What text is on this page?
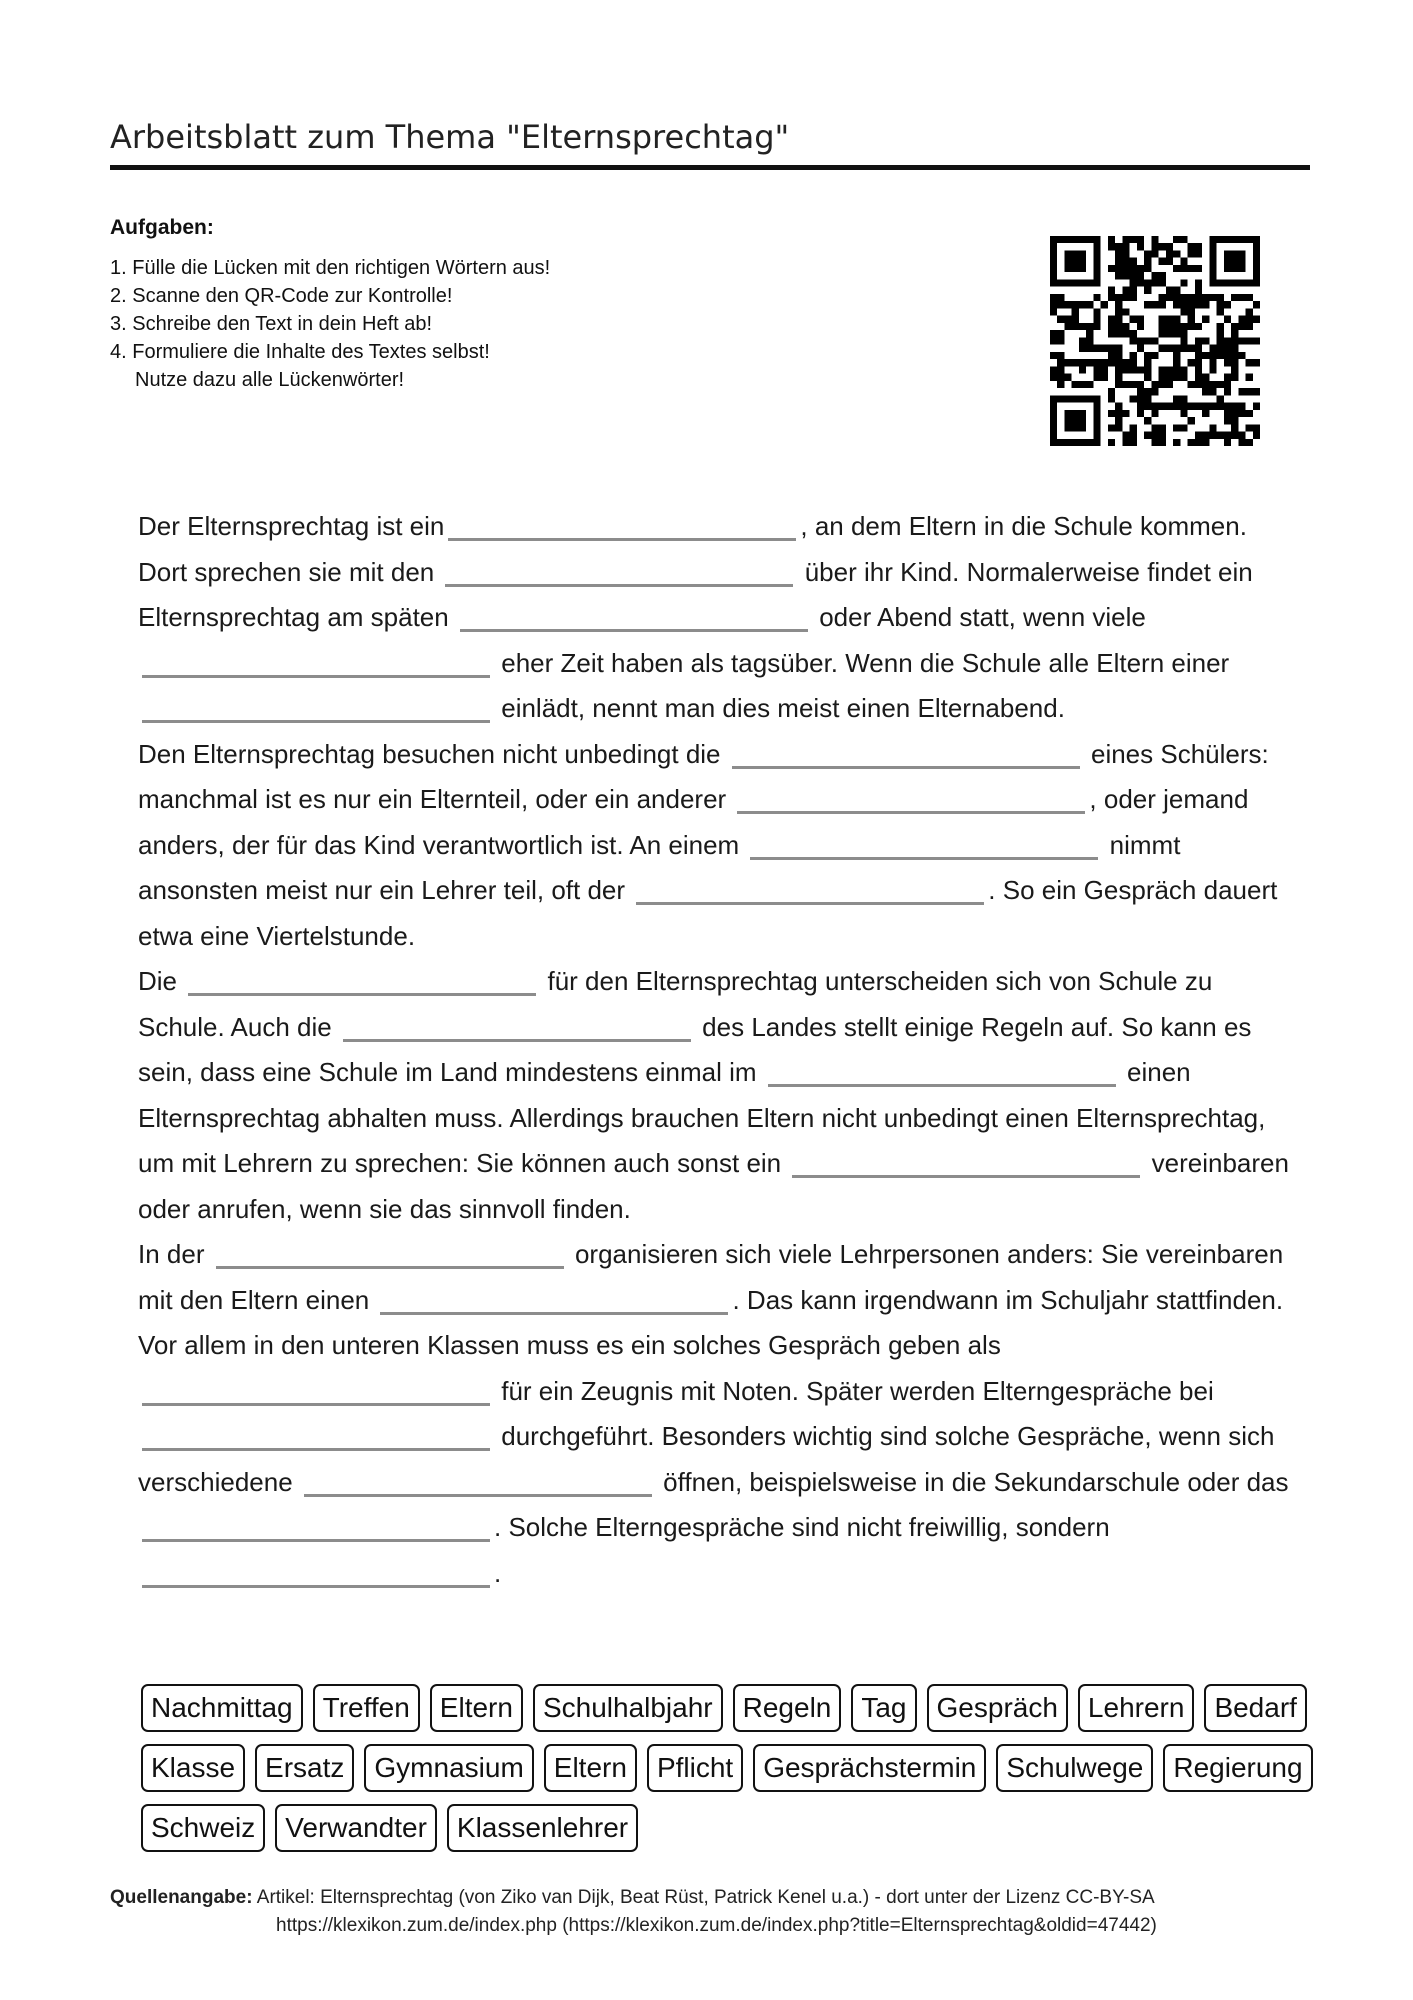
Arbeitsblatt zum Thema "Elternsprechtag"
Aufgaben:
1. Fülle die Lücken mit den richtigen Wörtern aus!
2. Scanne den QR-Code zur Kontrolle!
3. Schreibe den Text in dein Heft ab!
4. Formuliere die Inhalte des Textes selbst!
Nutze dazu alle Lückenwörter!

Der Elternsprechtag ist ein	, an dem Eltern in die Schule kommen. Dort sprechen sie mit den	über ihr Kind. Normalerweise findet ein Elternsprechtag am späten	oder Abend statt, wenn viele  eher Zeit haben als tagsüber. Wenn die Schule alle Eltern einer  einlädt, nennt man dies meist einen Elternabend.

Den Elternsprechtag besuchen nicht unbedingt die	eines Schülers: manchmal ist es nur ein Elternteil, oder ein anderer	, oder jemand anders, der für das Kind verantwortlich ist. An einem	nimmt ansonsten meist nur ein Lehrer teil, oft der	. So ein Gespräch dauert etwa eine Viertelstunde.

Die	für den Elternsprechtag unterscheiden sich von Schule zu Schule. Auch die	des Landes stellt einige Regeln auf. So kann es sein, dass eine Schule im Land mindestens einmal im	einen Elternsprechtag abhalten muss. Allerdings brauchen Eltern nicht unbedingt einen Elternsprechtag, um mit Lehrern zu sprechen: Sie können auch sonst ein	vereinbaren oder anrufen, wenn sie das sinnvoll finden.

In der	organisieren sich viele Lehrpersonen anders: Sie vereinbaren mit den Eltern einen	. Das kann irgendwann im Schuljahr stattfinden. Vor allem in den unteren Klassen muss es ein solches Gespräch geben als  für ein Zeugnis mit Noten. Später werden Elterngespräche bei  durchgeführt. Besonders wichtig sind solche Gespräche, wenn sich verschiedene	öffnen, beispielsweise in die Sekundarschule oder das . Solche Elterngespräche sind nicht freiwillig, sondern .

Nachmittag	Treffen	Eltern	Schulhalbjahr	Regeln	Tag	Gespräch	Lehrern	Bedarf
Klasse	Ersatz	Gymnasium	Eltern	Pflicht	Gesprächstermin	Schulwege	Regierung
Schweiz	Verwandter	Klassenlehrer
Quellenangabe: Artikel: Elternsprechtag (von Ziko van Dijk, Beat Rüst, Patrick Kenel u.a.) - dort unter der Lizenz CC-BY-SA
https://klexikon.zum.de/index.php (https://klexikon.zum.de/index.php?title=Elternsprechtag&oldid=47442)
